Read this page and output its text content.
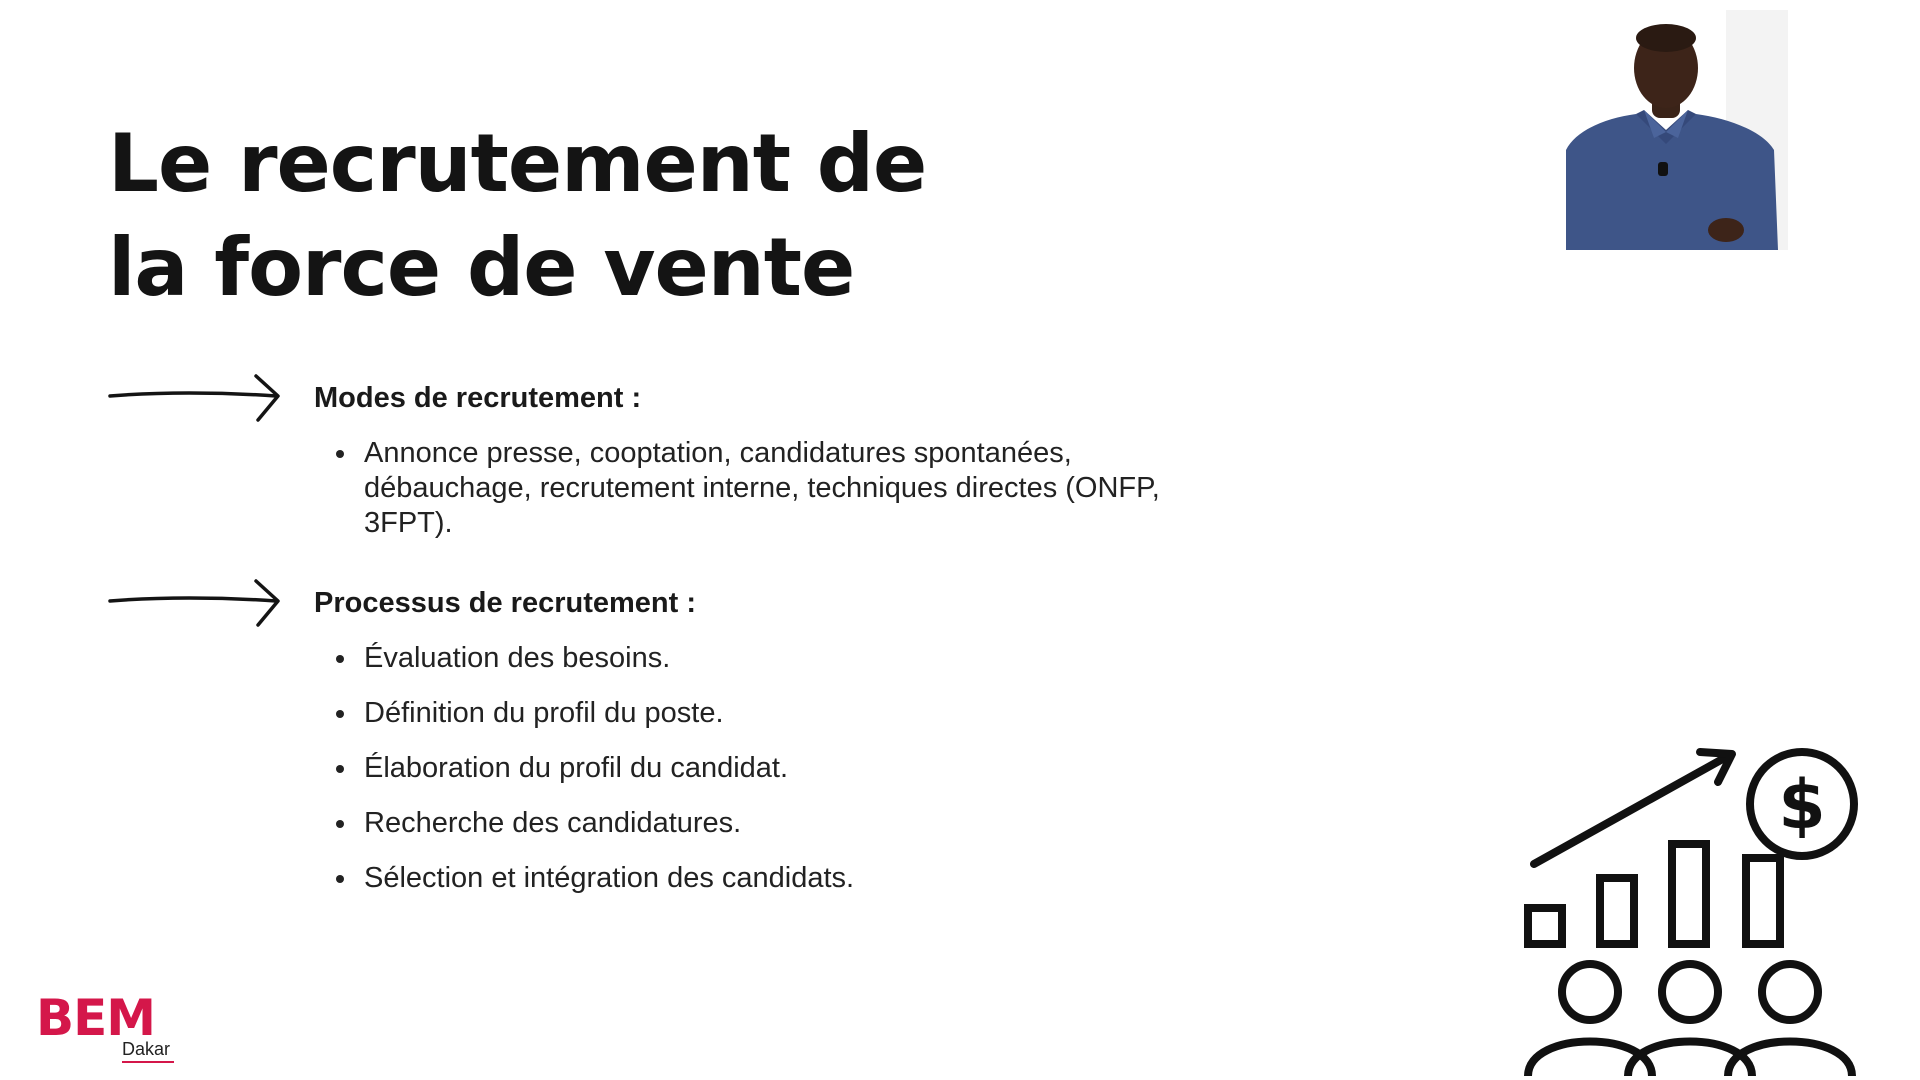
Le recrutement de
la force de vente
Modes de recrutement :
Annonce presse, cooptation, candidatures spontanées, débauchage, recrutement interne, techniques directes (ONFP, 3FPT).
Processus de recrutement :
Évaluation des besoins.
Définition du profil du poste.
Élaboration du profil du candidat.
Recherche des candidatures.
Sélection et intégration des candidats.
$
BEM
Dakar
